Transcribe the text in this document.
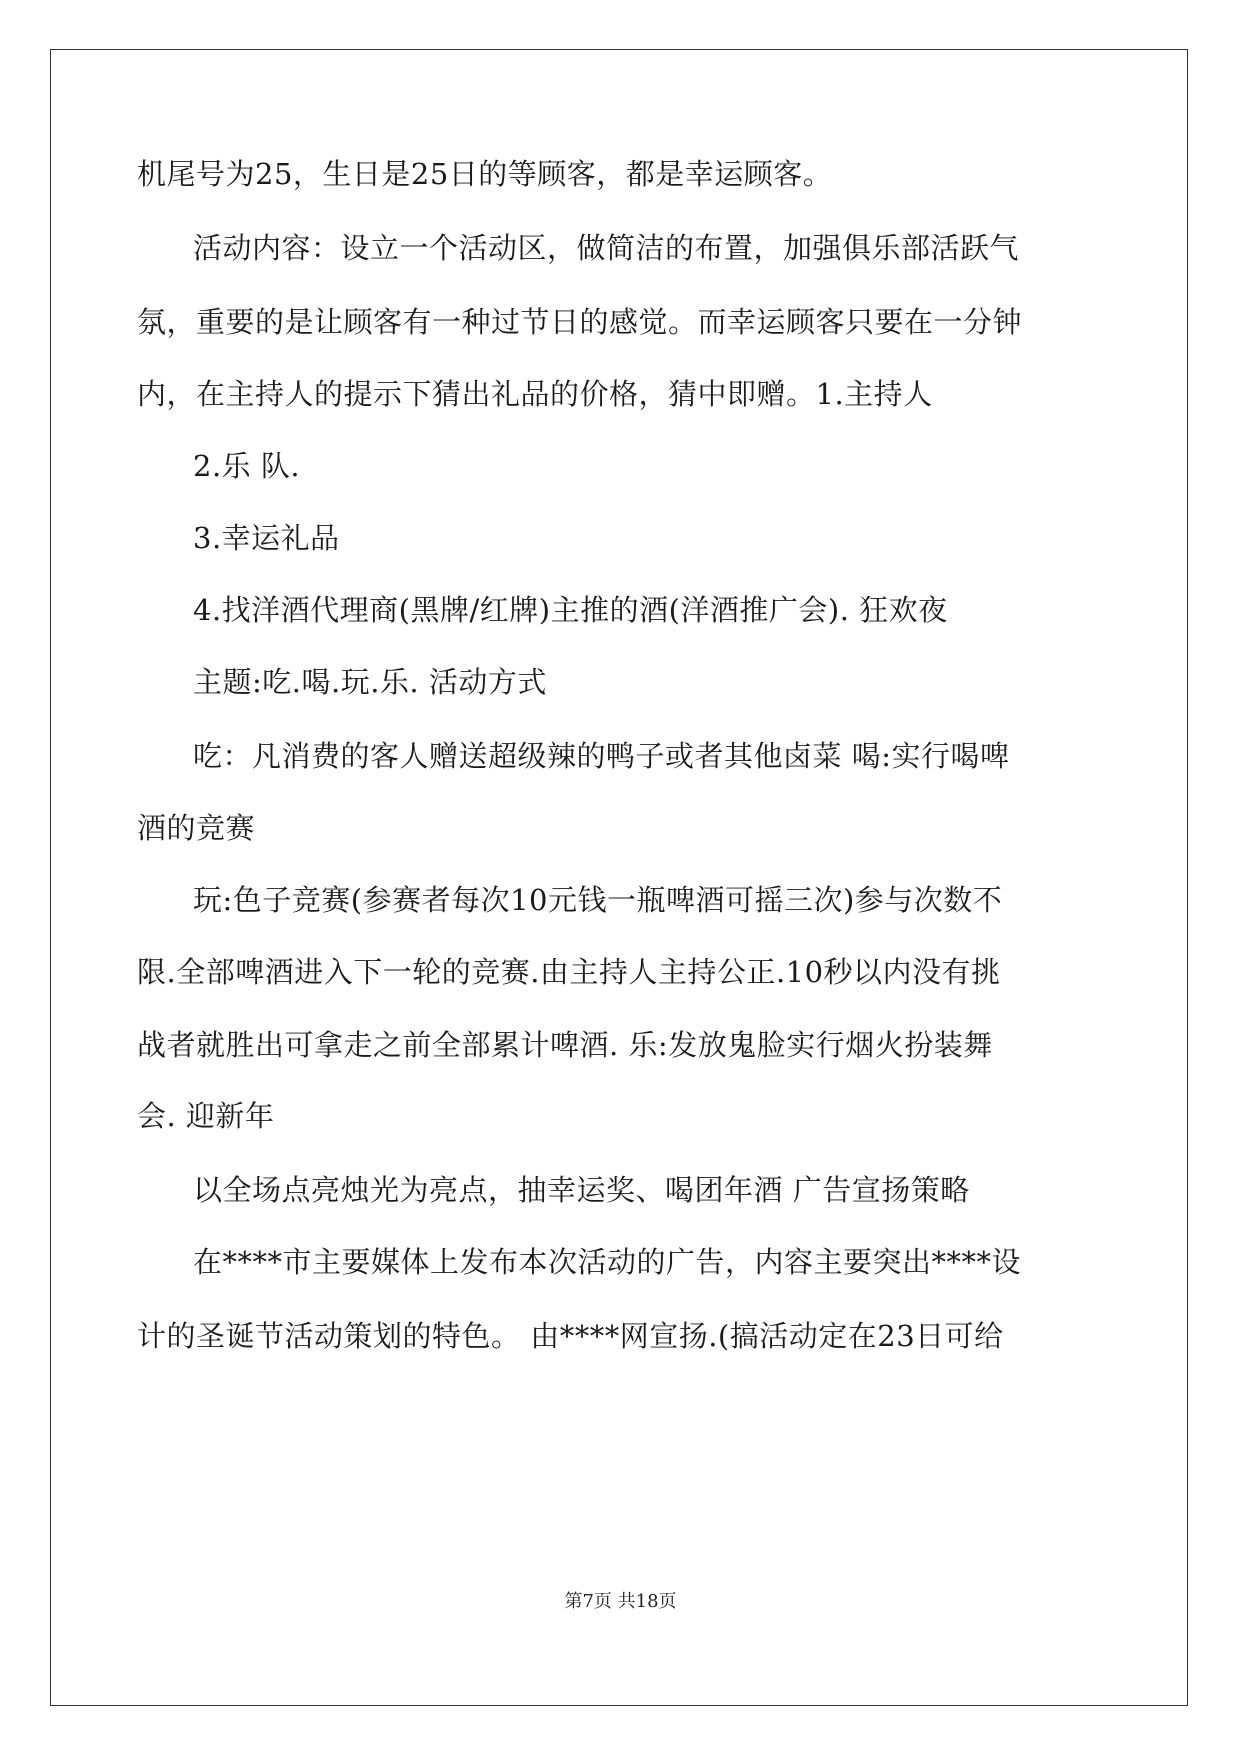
机尾号为25，生日是25日的等顾客，都是幸运顾客。
活动内容：设立一个活动区，做简洁的布置，加强俱乐部活跃气
氛，重要的是让顾客有一种过节日的感觉。而幸运顾客只要在一分钟
内，在主持人的提示下猜出礼品的价格，猜中即赠。1.主持人
2.乐 队.
3.幸运礼品
4.找洋酒代理商(黑牌/红牌)主推的酒(洋酒推广会). 狂欢夜
主题:吃.喝.玩.乐. 活动方式
吃：凡消费的客人赠送超级辣的鸭子或者其他卤菜 喝:实行喝啤
酒的竞赛
玩:色子竞赛(参赛者每次10元钱一瓶啤酒可摇三次)参与次数不
限.全部啤酒进入下一轮的竞赛.由主持人主持公正.10秒以内没有挑
战者就胜出可拿走之前全部累计啤酒. 乐:发放鬼脸实行烟火扮装舞
会. 迎新年
以全场点亮烛光为亮点，抽幸运奖、喝团年酒 广告宣扬策略
在****市主要媒体上发布本次活动的广告，内容主要突出****设
计的圣诞节活动策划的特色。 由****网宣扬.(搞活动定在23日可给
第7页 共18页
